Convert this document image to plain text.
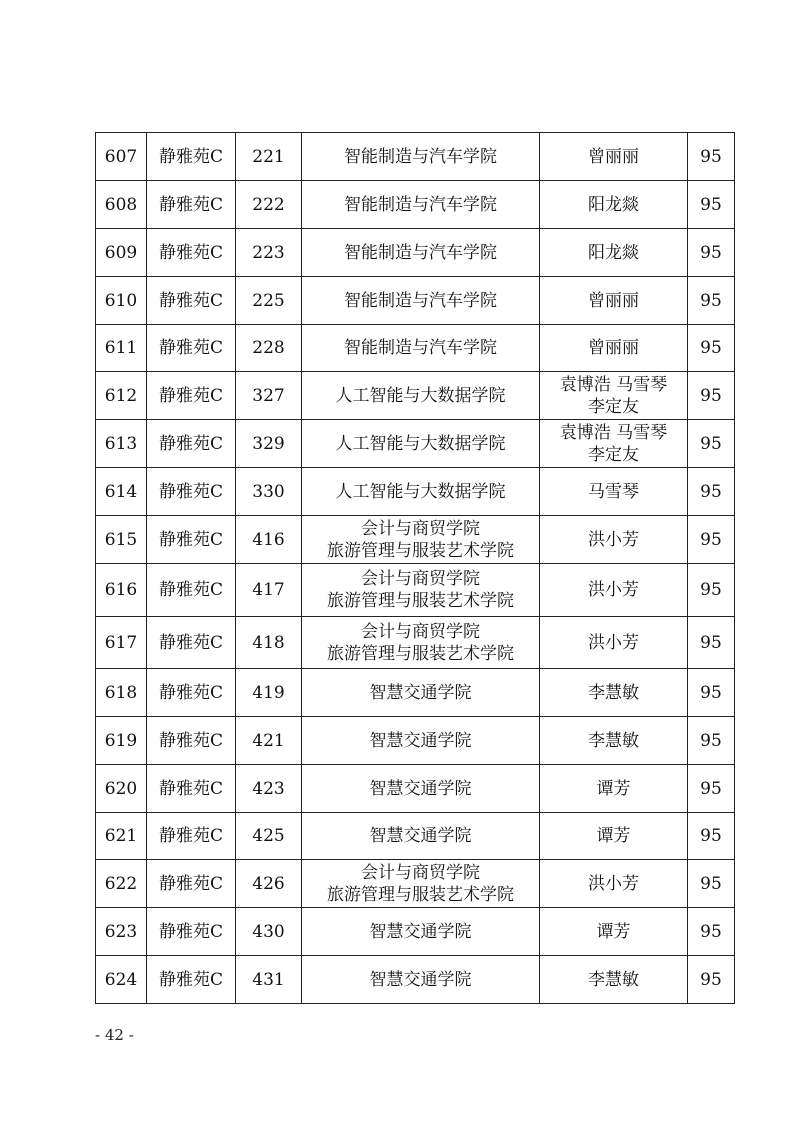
607	静雅苑C	221	智能制造与汽车学院	曾丽丽	95
608	静雅苑C	222	智能制造与汽车学院	阳龙燚	95
609	静雅苑C	223	智能制造与汽车学院	阳龙燚	95
610	静雅苑C	225	智能制造与汽车学院	曾丽丽	95
611	静雅苑C	228	智能制造与汽车学院	曾丽丽	95
612	静雅苑C	327	人工智能与大数据学院	袁博浩 马雪琴
李定友	95
613	静雅苑C	329	人工智能与大数据学院	袁博浩 马雪琴
李定友	95
614	静雅苑C	330	人工智能与大数据学院	马雪琴	95
615	静雅苑C	416	会计与商贸学院
旅游管理与服装艺术学院	洪小芳	95
616	静雅苑C	417	会计与商贸学院
旅游管理与服装艺术学院	洪小芳	95
617	静雅苑C	418	会计与商贸学院
旅游管理与服装艺术学院	洪小芳	95
618	静雅苑C	419	智慧交通学院	李慧敏	95
619	静雅苑C	421	智慧交通学院	李慧敏	95
620	静雅苑C	423	智慧交通学院	谭芳	95
621	静雅苑C	425	智慧交通学院	谭芳	95
622	静雅苑C	426	会计与商贸学院
旅游管理与服装艺术学院	洪小芳	95
623	静雅苑C	430	智慧交通学院	谭芳	95
624	静雅苑C	431	智慧交通学院	李慧敏	95
- 42 -
